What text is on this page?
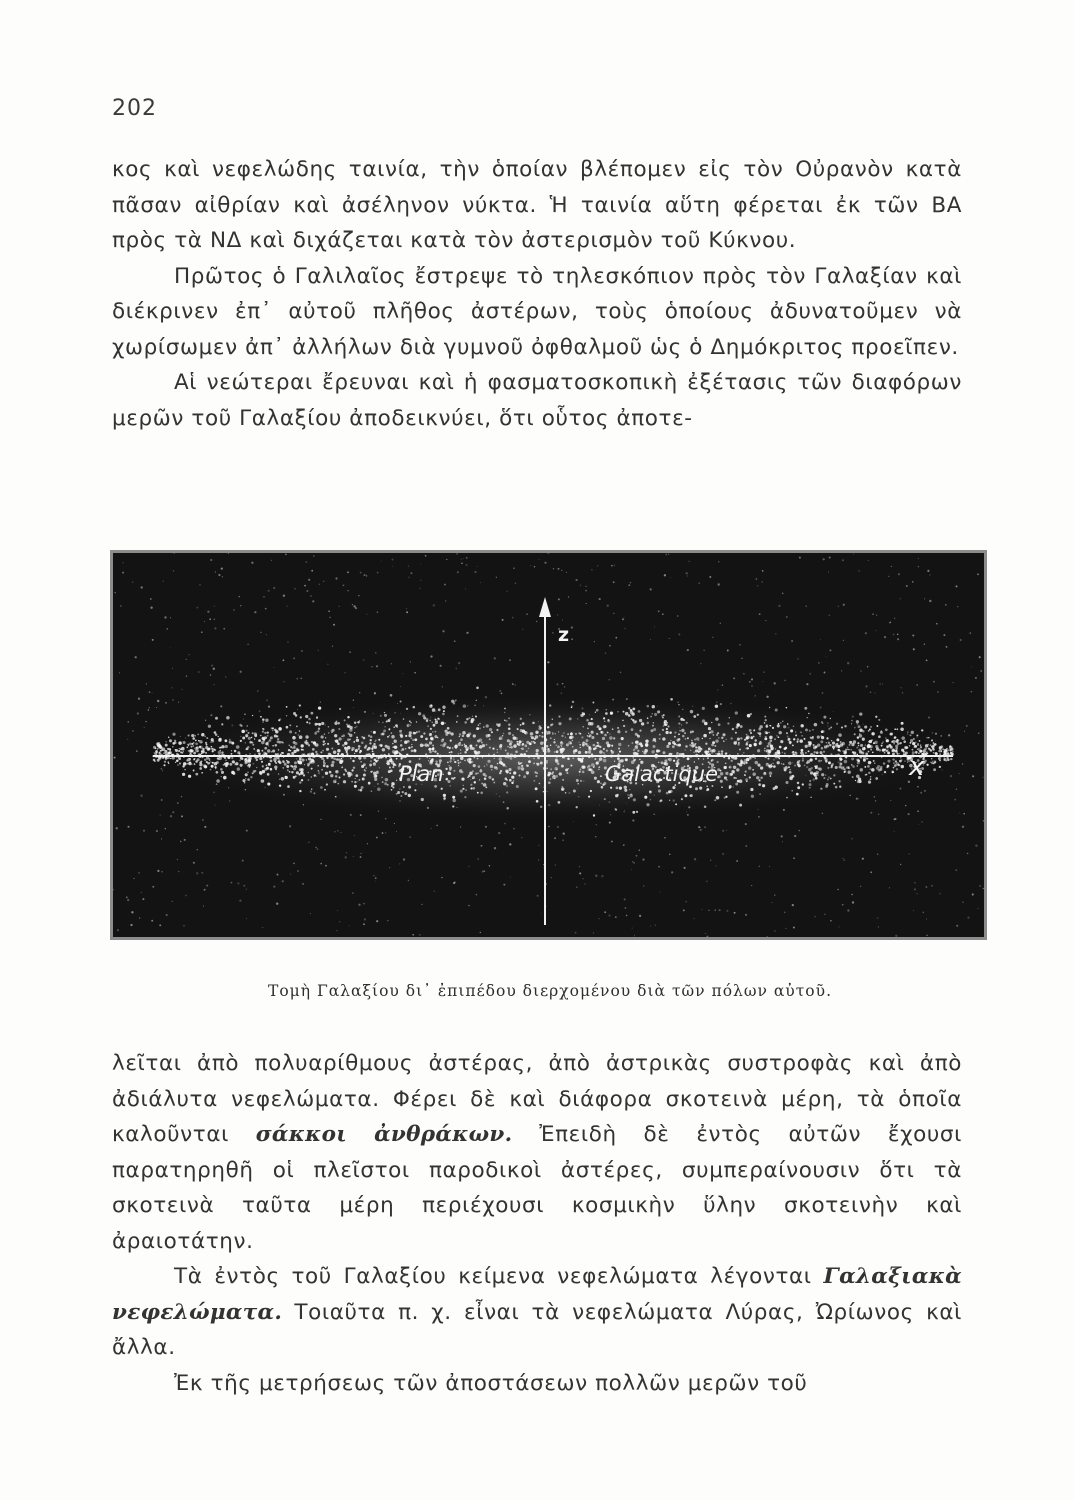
202

κος καὶ νεφελώδης ταινία, τὴν ὁποίαν βλέπομεν εἰς τὸν Οὐρανὸν κατὰ πᾶσαν αἰθρίαν καὶ ἀσέληνον νύκτα. Ἡ ταινία αὕτη φέρεται ἐκ τῶν ΒΑ πρὸς τὰ ΝΔ καὶ διχάζεται κατὰ τὸν ἀστερισμὸν τοῦ Κύκνου.

Πρῶτος ὁ Γαλιλαῖος ἔστρεψε τὸ τηλεσκόπιον πρὸς τὸν Γαλαξίαν καὶ διέκρινεν ἐπ᾽ αὐτοῦ πλῆθος ἀστέρων, τοὺς ὁποίους ἀδυνατοῦμεν νὰ χωρίσωμεν ἀπ᾽ ἀλλήλων διὰ γυμνοῦ ὀφθαλμοῦ ὡς ὁ Δημόκριτος προεῖπεν.

Αἱ νεώτεραι ἔρευναι καὶ ἡ φασματοσκοπικὴ ἐξέτασις τῶν διαφόρων μερῶν τοῦ Γαλαξίου ἀποδεικνύει, ὅτι οὗτος ἀποτε-

z
x
Plan	Galactique
Τομὴ Γαλαξίου δι᾽ ἐπιπέδου διερχομένου διὰ τῶν πόλων αὐτοῦ.

λεῖται ἀπὸ πολυαρίθμους ἀστέρας, ἀπὸ ἀστρικὰς συστροφὰς καὶ ἀπὸ ἀδιάλυτα νεφελώματα. Φέρει δὲ καὶ διάφορα σκοτεινὰ μέρη, τὰ ὁποῖα καλοῦνται σάκκοι ἀνθράκων. Ἐπειδὴ δὲ ἐντὸς αὐτῶν ἔχουσι παρατηρηθῆ οἱ πλεῖστοι παροδικοὶ ἀστέρες, συμπεραίνουσιν ὅτι τὰ σκοτεινὰ ταῦτα μέρη περιέχουσι κοσμικὴν ὕλην σκοτεινὴν καὶ ἀραιοτάτην.

Τὰ ἐντὸς τοῦ Γαλαξίου κείμενα νεφελώματα λέγονται Γαλαξιακὰ νεφελώματα. Τοιαῦτα π. χ. εἶναι τὰ νεφελώματα Λύρας, Ὠρίωνος καὶ ἄλλα.

Ἐκ τῆς μετρήσεως τῶν ἀποστάσεων πολλῶν μερῶν τοῦ
